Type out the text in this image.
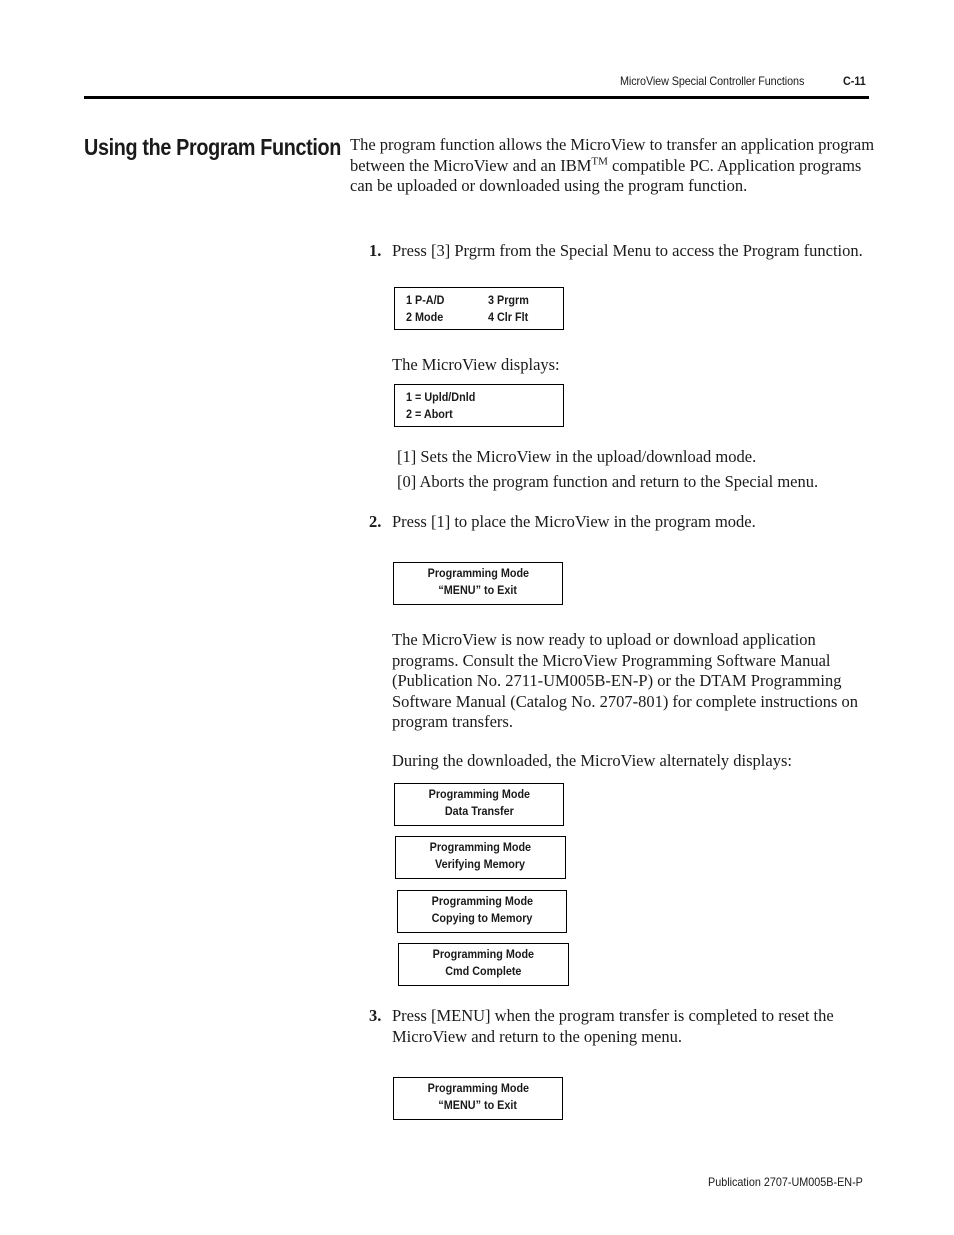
MicroView Special Controller Functions	C-11
Using the Program Function The program function allows the MicroView to transfer an application program between the MicroView and an IBM™ compatible PC. Application programs can be uploaded or downloaded using the program function.
1. Press [3] Prgrm from the Special Menu to access the Program function.
1 P-A/D	3 Prgrm
2 Mode	4 Clr Flt
The MicroView displays:
1 = Upld/Dnld
2 = Abort
[1] Sets the MicroView in the upload/download mode.
[0] Aborts the program function and return to the Special menu.
2. Press [1] to place the MicroView in the program mode.
Programming Mode
“MENU” to Exit
The MicroView is now ready to upload or download application programs. Consult the MicroView Programming Software Manual (Publication No. 2711-UM005B-EN-P) or the DTAM Programming Software Manual (Catalog No. 2707-801) for complete instructions on program transfers.
During the downloaded, the MicroView alternately displays:
Programming Mode
Data Transfer
Programming Mode
Verifying Memory
Programming Mode
Copying to Memory
Programming Mode
Cmd Complete
3. Press [MENU] when the program transfer is completed to reset the MicroView and return to the opening menu.
Programming Mode
“MENU” to Exit
Publication 2707-UM005B-EN-P
